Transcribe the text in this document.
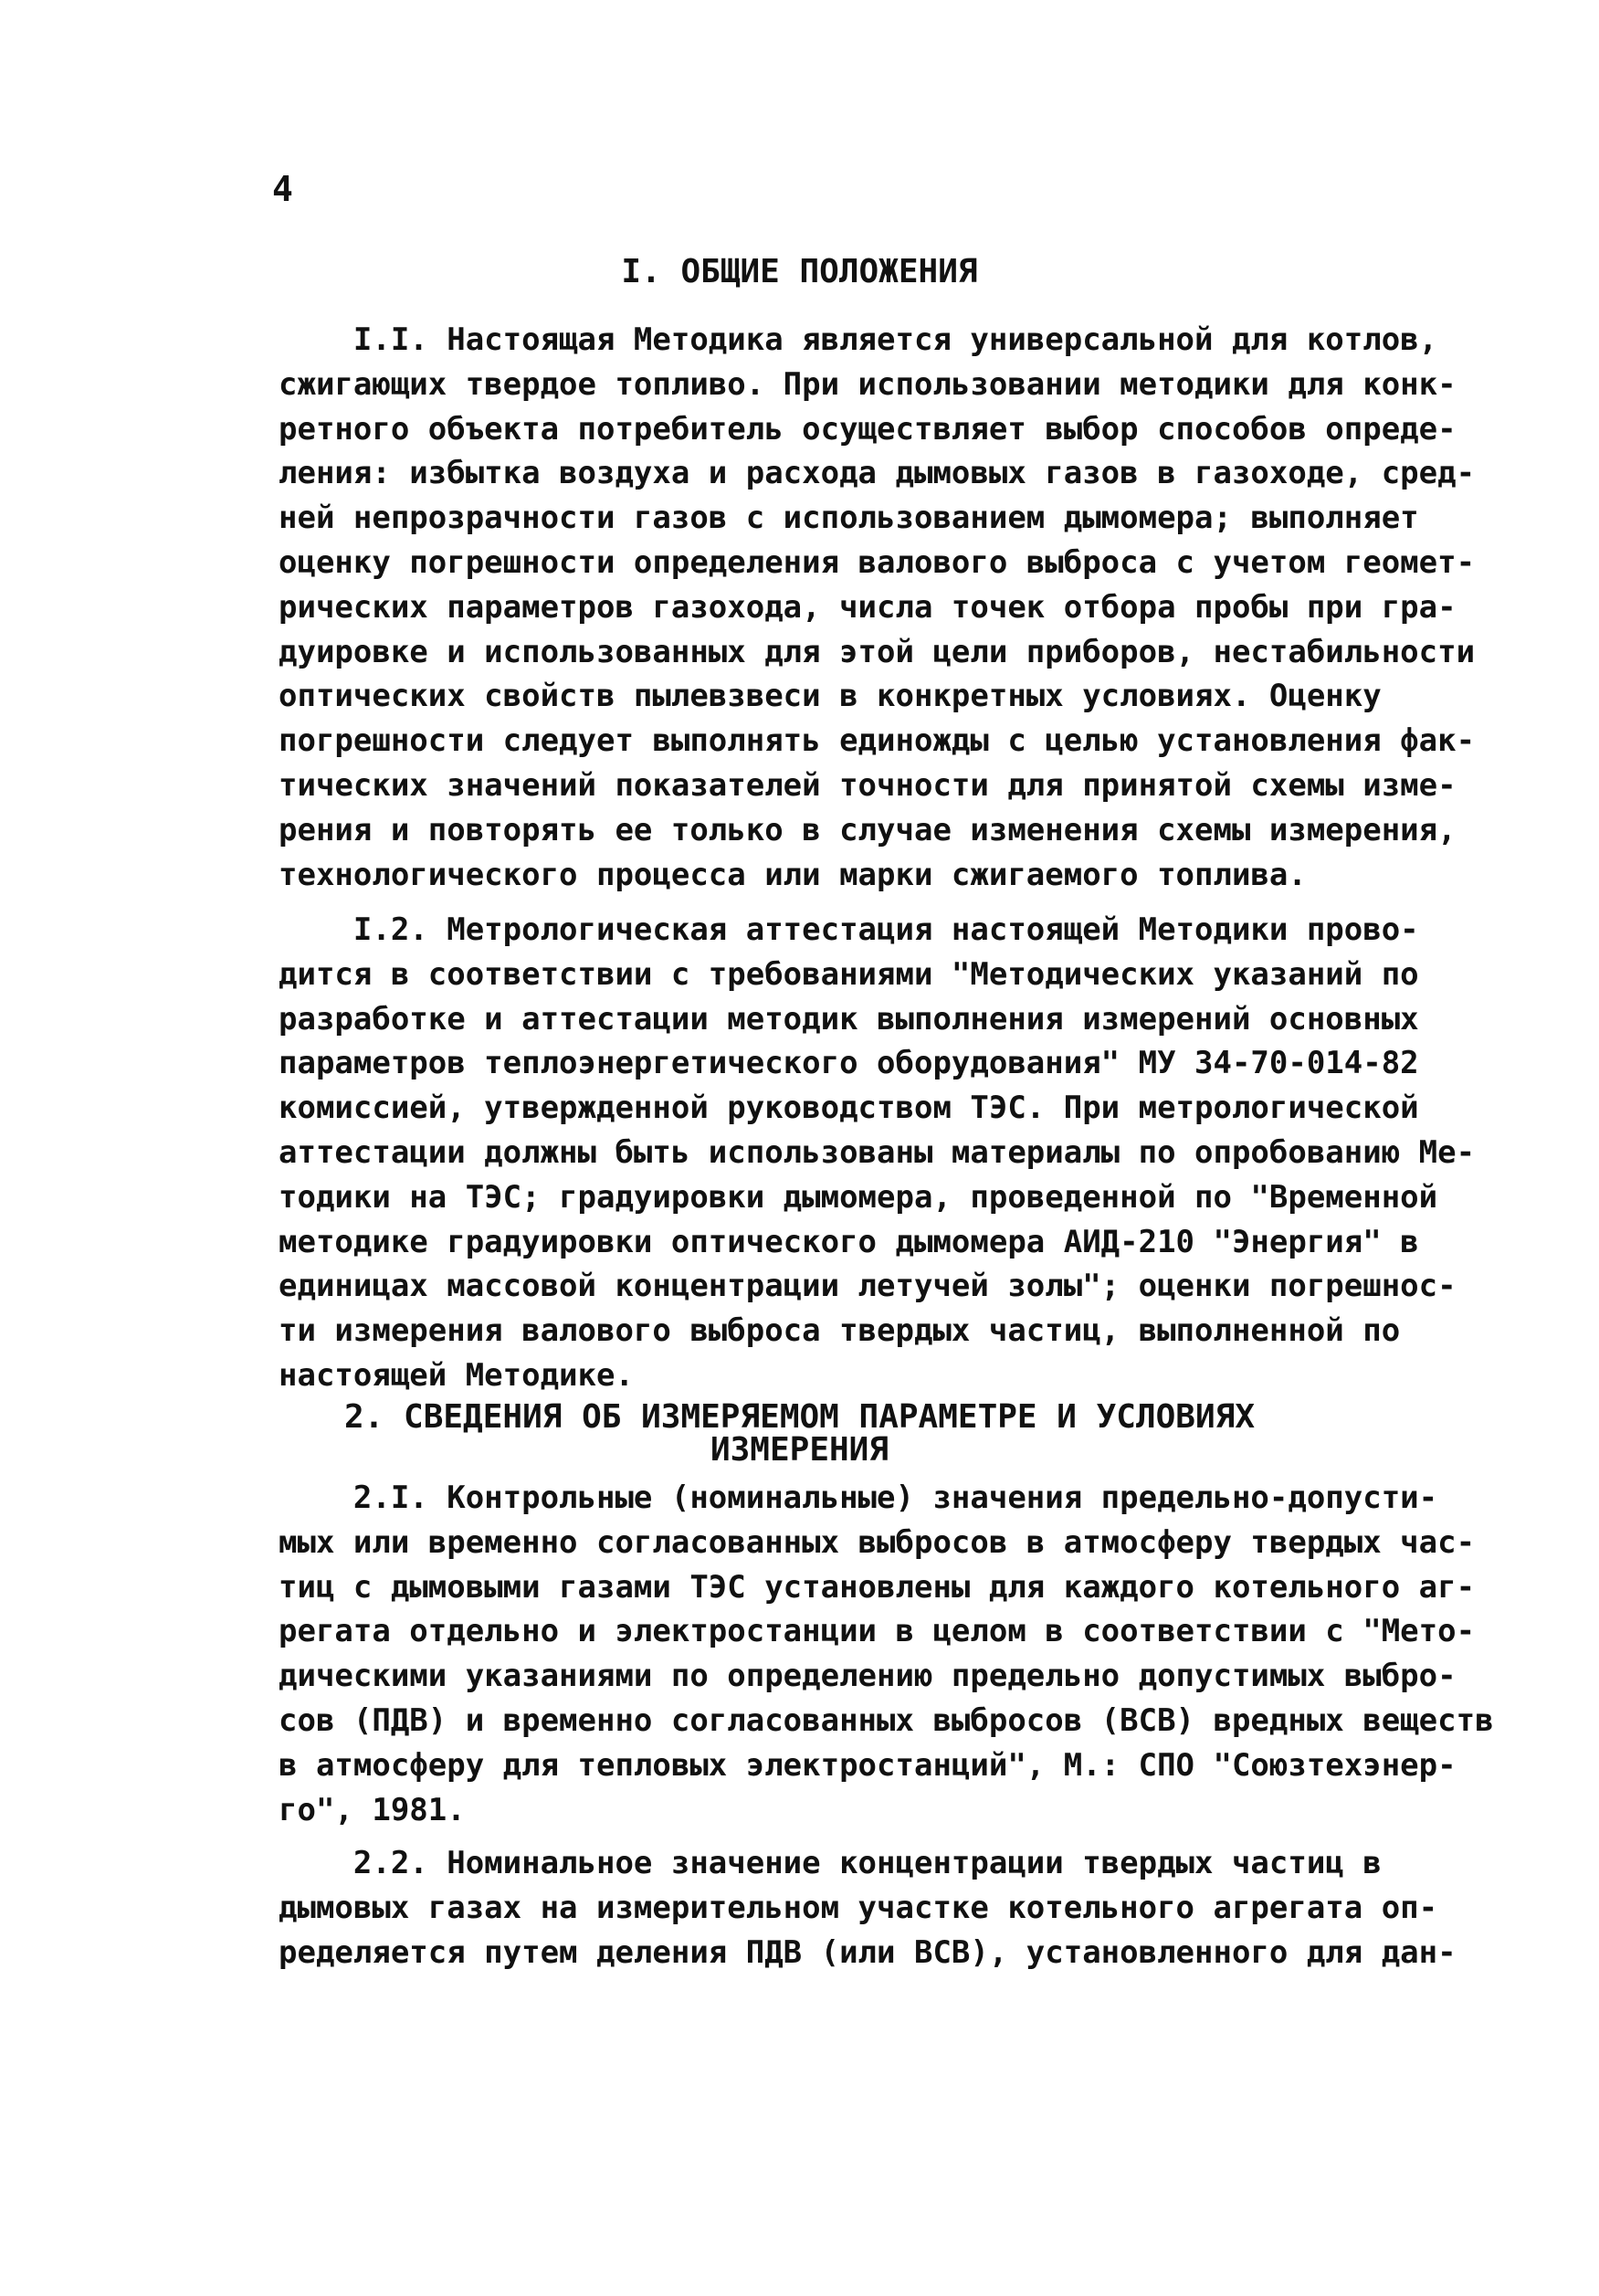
4
I. ОБЩИЕ ПОЛОЖЕНИЯ
I.I. Настоящая Методика является универсальной для котлов,
сжигающих твердое топливо. При использовании методики для конк-
ретного объекта потребитель осуществляет выбор способов опреде-
ления: избытка воздуха и расхода дымовых газов в газоходе, сред-
ней непрозрачности газов с использованием дымомера; выполняет
оценку погрешности определения валового выброса с учетом геомет-
рических параметров газохода, числа точек отбора пробы при гра-
дуировке и использованных для этой цели приборов, нестабильности
оптических свойств пылевзвеси в конкретных условиях. Оценку
погрешности следует выполнять единожды с целью установления фак-
тических значений показателей точности для принятой схемы изме-
рения и повторять ее только в случае изменения схемы измерения,
технологического процесса или марки сжигаемого топлива.
I.2. Метрологическая аттестация настоящей Методики прово-
дится в соответствии с требованиями "Методических указаний по
разработке и аттестации методик выполнения измерений основных
параметров теплоэнергетического оборудования" МУ 34-70-014-82
комиссией, утвержденной руководством ТЭС. При метрологической
аттестации должны быть использованы материалы по опробованию Ме-
тодики на ТЭС; градуировки дымомера, проведенной по "Временной
методике градуировки оптического дымомера АИД-210 "Энергия" в
единицах массовой концентрации летучей золы"; оценки погрешнос-
ти измерения валового выброса твердых частиц, выполненной по
настоящей Методике.
2. СВЕДЕНИЯ ОБ ИЗМЕРЯЕМОМ ПАРАМЕТРЕ И УСЛОВИЯХ
ИЗМЕРЕНИЯ
2.I. Контрольные (номинальные) значения предельно-допусти-
мых или временно согласованных выбросов в атмосферу твердых час-
тиц с дымовыми газами ТЭС установлены для каждого котельного аг-
регата отдельно и электростанции в целом в соответствии с "Мето-
дическими указаниями по определению предельно допустимых выбро-
сов (ПДВ) и временно согласованных выбросов (ВСВ) вредных веществ
в атмосферу для тепловых электростанций", М.: СПО "Союзтехэнер-
го", 1981.
2.2. Номинальное значение концентрации твердых частиц в
дымовых газах на измерительном участке котельного агрегата оп-
ределяется путем деления ПДВ (или ВСВ), установленного для дан-
